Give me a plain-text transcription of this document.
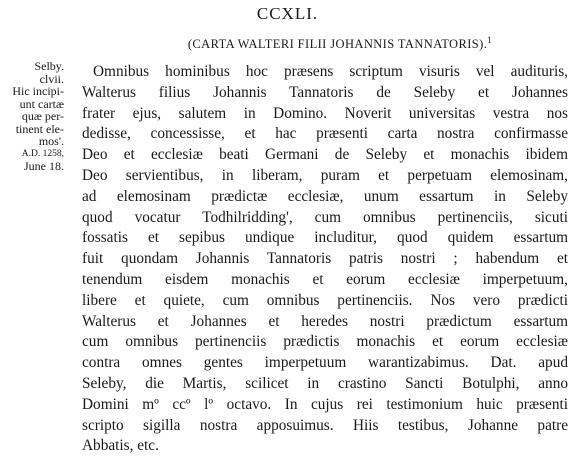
CCXLI.
(CARTA WALTERI FILII JOHANNIS TANNATORIS).$^1$
Selby.
clvii.
Hic incipi-
unt cartæ
quæ per-
tinent ele-
mos'.
A.D. 1258,
June 18.
Omnibus hominibus hoc præsens scriptum visuris vel audituris,
Walterus filius Johannis Tannatoris de Seleby et Johannes
frater ejus, salutem in Domino. Noverit universitas vestra nos
dedisse, concessisse, et hac præsenti carta nostra confirmasse
Deo et ecclesiæ beati Germani de Seleby et monachis ibidem
Deo servientibus, in liberam, puram et perpetuam elemosinam,
ad elemosinam prædictæ ecclesiæ, unum essartum in Seleby
quod vocatur Todhilridding', cum omnibus pertinenciis, sicuti
fossatis et sepibus undique includitur, quod quidem essartum
fuit quondam Johannis Tannatoris patris nostri ; habendum et
tenendum eisdem monachis et eorum ecclesiæ imperpetuum,
libere et quiete, cum omnibus pertinenciis. Nos vero prædicti
Walterus et Johannes et heredes nostri prædictum essartum
cum omnibus pertinenciis prædictis monachis et eorum ecclesiæ
contra omnes gentes imperpetuum warantizabimus. Dat. apud
Seleby, die Martis, scilicet in crastino Sancti Botulphi, anno
Domini mº ccº lº octavo. In cujus rei testimonium huic præsenti
scripto sigilla nostra apposuimus. Hiis testibus, Johanne patre
Abbatis, etc.
